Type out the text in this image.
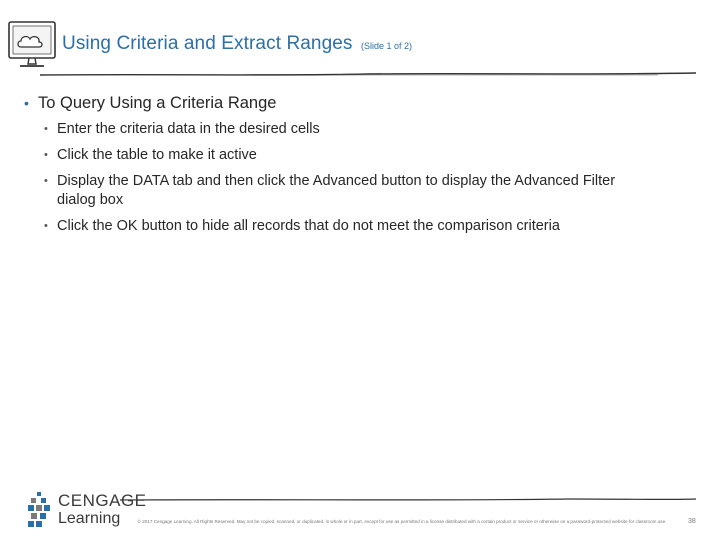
Using Criteria and Extract Ranges (Slide 1 of 2)
• To Query Using a Criteria Range
• Enter the criteria data in the desired cells
• Click the table to make it active
• Display the DATA tab and then click the Advanced button to display the Advanced Filter dialog box
• Click the OK button to hide all records that do not meet the comparison criteria
CENGAGE
Learning	© 2017 Cengage Learning. All Rights Reserved. May not be copied, scanned, or duplicated, in whole or in part, except for use as permitted in a license distributed with a certain product or service or otherwise on a password-protected website for classroom use.	38
